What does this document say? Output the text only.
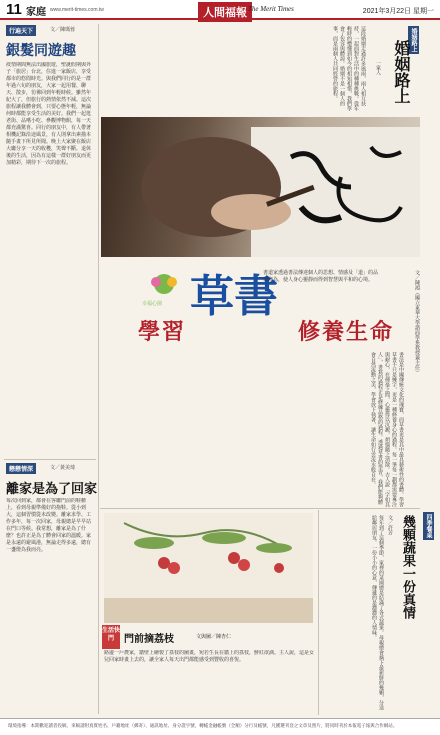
11 家庭 www.merit-times.com.tw	人間福報 The Merit Times	2021年3月22日 星期一
行遍天下	文／陳瑪蓉
銀髮同遊趣
疫情期間無法出國旅遊，聖誕假期與外子「旅居」台北，住進一家飯店，享受都市的悠閒時光。與我們同行的是一群年過六旬的朋友，大家一起用餐、聊天、散步，彷彿回到年輕時候。雖然年紀大了，但旅行的熱情依然不減。這次旅程讓我體會到，只要心態年輕，無論何時都能享受生活的美好。我們一起逛老街、品嚐小吃、參觀博物館，每一天都充滿驚喜。同行的朋友中，有人帶著相機記錄沿途風景，有人則拿出素描本隨手畫下所見所聞。晚上大家聚在飯店大廳分享一天的收穫，笑聲不斷。退休後的生活，因為有這樣一群好朋友而更加精彩，期待下一次的旅程。
戀戀情深	文／黃美琦
離家是為了回家
每次回到家，都會在客廳門前的鞋櫃上，看到母親準備好的拖鞋。從小到大，這個習慣從未改變。離家求學、工作多年，每一次回家，母親總是早早站在門口等候。我常想，離家是為了什麼？也許正是為了體會回家的溫暖。家是永遠的避風港，無論走得多遠，總有一盞燈為我而亮。
婚姻路上
婚姻路上
一家人
這段婚姻走過許多風雨，兩人相互扶持，一起面對生活中的種種挑戰。從年輕時的懵懂到如今的相知相惜，我們學會了包容與體諒。婚姻不是一個人的事，而是兩個人共同經營的旅程。
幸福心園 草書
學習	修養生命
書道家透過書法傳達個人的思想、情感及「道」的品德修為，使人身心靈靜而得到智慧與平和的心境。
書法是中國傳統文化的瑰寶，而草書更是其中最具藝術性的書體。學習草書不只是練字，更是一種修養身心的過程。每一筆每一劃都需要專注與耐心，在揮毫之間，心靈得以沉澱，煩惱隨之消散。古人說「字如其人」，書寫的過程正是修練品格的過程。透過草書的學習，我們能夠體會自然流動之美，學會放下執著，讓生命如行雲流水般自在。
文／陳鴻（國立東華大學諮商學系教授兼主任）
四季餐桌
幾顆蔬果一份真情
文／許芳
每年到了這個季節，家裡的菜園總是結滿了各式蔬果。母親總會摘下最新鮮的幾顆，分送給鄰居朋友。一份小小的心意，傳遞的是濃濃的人情味。
生活快門	門前摘荔枝	文與圖／陳杏仁
路邊一戶農家，牆壁上繪製了荔枝的圖畫，宛若生長在牆上的荔枝，鮮紅欲滴。主人說，這是女兒回家時畫上去的，讓全家人每天出門都能感受到豐收的喜悅。
環境指導：本期歡迎讀者投稿，來稿請附真實姓名、戶籍地址（郵寄）、通訊地址、身分證字號，轉帳金融帳號（全額）分行及帳號，凡獲選刊登之文章及照片，將同時刊於本報電子報與合作網站。
